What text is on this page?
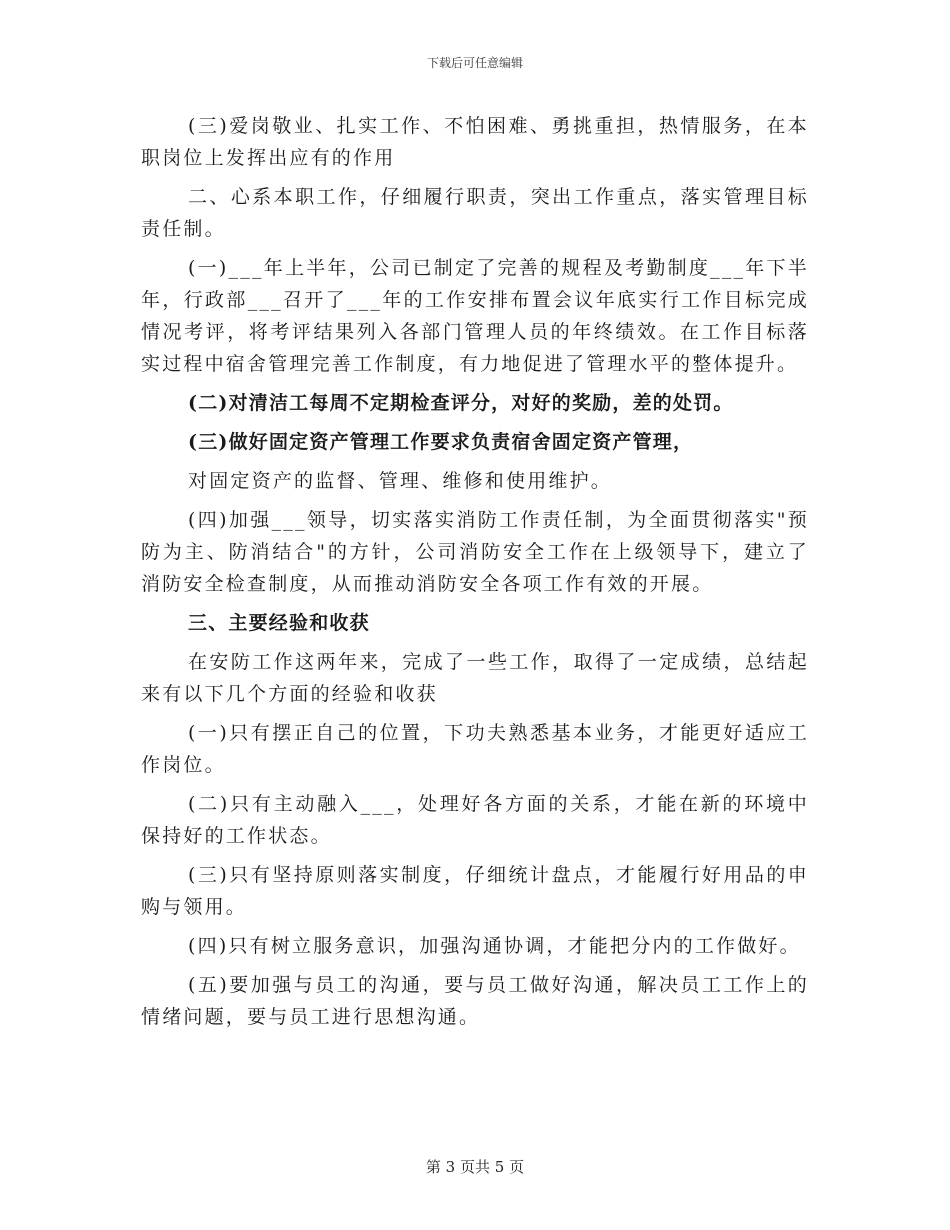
下载后可任意编辑

(三)爱岗敬业、扎实工作、不怕困难、勇挑重担，热情服务，在本职岗位上发挥出应有的作用

二、心系本职工作，仔细履行职责，突出工作重点，落实管理目标责任制。

(一)___年上半年，公司已制定了完善的规程及考勤制度___年下半年，行政部___召开了___年的工作安排布置会议年底实行工作目标完成情况考评，将考评结果列入各部门管理人员的年终绩效。在工作目标落实过程中宿舍管理完善工作制度，有力地促进了管理水平的整体提升。

(二)对清洁工每周不定期检查评分，对好的奖励，差的处罚。

(三)做好固定资产管理工作要求负责宿舍固定资产管理，

对固定资产的监督、管理、维修和使用维护。

(四)加强___领导，切实落实消防工作责任制，为全面贯彻落实"预防为主、防消结合"的方针，公司消防安全工作在上级领导下，建立了消防安全检查制度，从而推动消防安全各项工作有效的开展。

三、主要经验和收获

在安防工作这两年来，完成了一些工作，取得了一定成绩，总结起来有以下几个方面的经验和收获

(一)只有摆正自己的位置，下功夫熟悉基本业务，才能更好适应工作岗位。

(二)只有主动融入___，处理好各方面的关系，才能在新的环境中保持好的工作状态。

(三)只有坚持原则落实制度，仔细统计盘点，才能履行好用品的申购与领用。

(四)只有树立服务意识，加强沟通协调，才能把分内的工作做好。

(五)要加强与员工的沟通，要与员工做好沟通，解决员工工作上的情绪问题，要与员工进行思想沟通。

第 3 页共 5 页
